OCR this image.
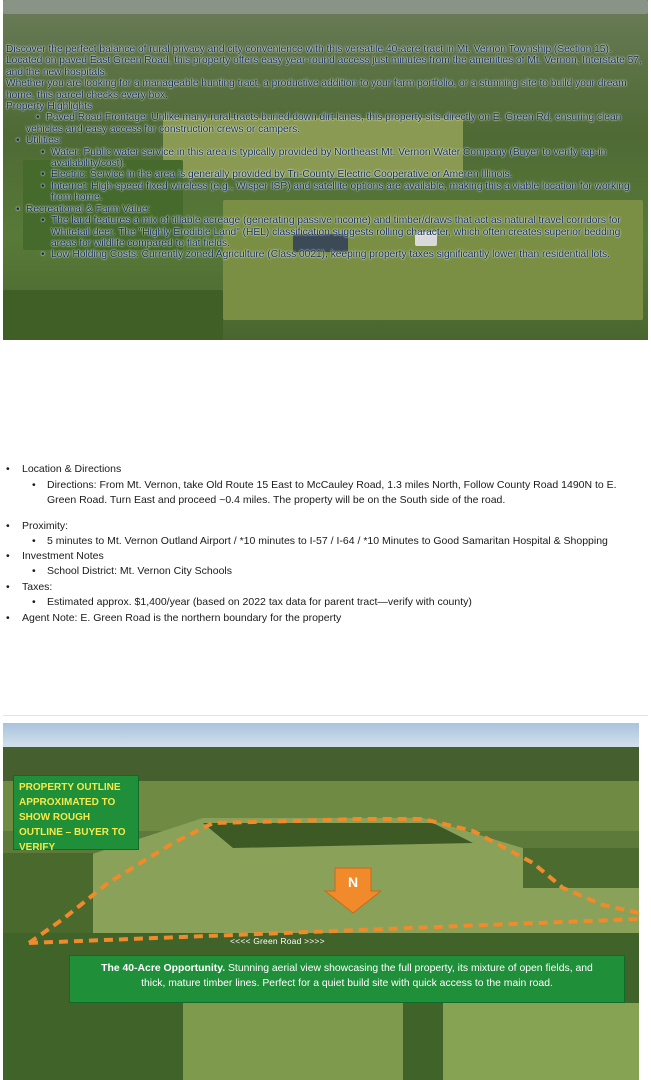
Discover the perfect balance of rural privacy and city convenience with this versatile 40-acre tract in Mt. Vernon Township (Section 15). Located on paved East Green Road, this property offers easy year-round access just minutes from the amenities of Mt. Vernon, Interstate 57, and the new hospitals.

Whether you are looking for a manageable hunting tract, a productive addition to your farm portfolio, or a stunning site to build your dream home, this parcel checks every box.

Property Highlights

• Paved Road Frontage: Unlike many rural tracts buried down dirt lanes, this property sits directly on E. Green Rd, ensuring clean vehicles and easy access for construction crews or campers.
• Utilities:
• Water: Public water service in this area is typically provided by Northeast Mt. Vernon Water Company (Buyer to verify tap-in availability/cost).
• Electric: Service in the area is generally provided by Tri-County Electric Cooperative or Ameren Illinois.
• Internet: High-speed fixed wireless (e.g., Wisper ISP) and satellite options are available, making this a viable location for working from home.
• Recreational & Farm Value:
• The land features a mix of tillable acreage (generating passive income) and timber/draws that act as natural travel corridors for Whitetail deer. The "Highly Erodible Land" (HEL) classification suggests rolling character, which often creates superior bedding areas for wildlife compared to flat fields.
• Low Holding Costs: Currently zoned Agriculture (Class 0021), keeping property taxes significantly lower than residential lots.
• Location & Directions
• Directions: From Mt. Vernon, take Old Route 15 East to McCauley Road, 1.3 miles North, Follow County Road 1490N to E. Green Road. Turn East and proceed ~0.4 miles. The property will be on the South side of the road.
• Proximity:
• 5 minutes to Mt. Vernon Outland Airport / *10 minutes to I-57 / I-64 / *10 Minutes to Good Samaritan Hospital & Shopping
• Investment Notes
• School District: Mt. Vernon City Schools
• Taxes:
• Estimated approx. $1,400/year (based on 2022 tax data for parent tract—verify with county)
• Agent Note: E. Green Road is the northern boundary for the property
PROPERTY OUTLINE APPROXIMATED TO SHOW ROUGH OUTLINE – BUYER TO VERIFY
N
<<<< Green Road >>>>
The 40-Acre Opportunity. Stunning aerial view showcasing the full property, its mixture of open fields, and thick, mature timber lines. Perfect for a quiet build site with quick access to the main road.
